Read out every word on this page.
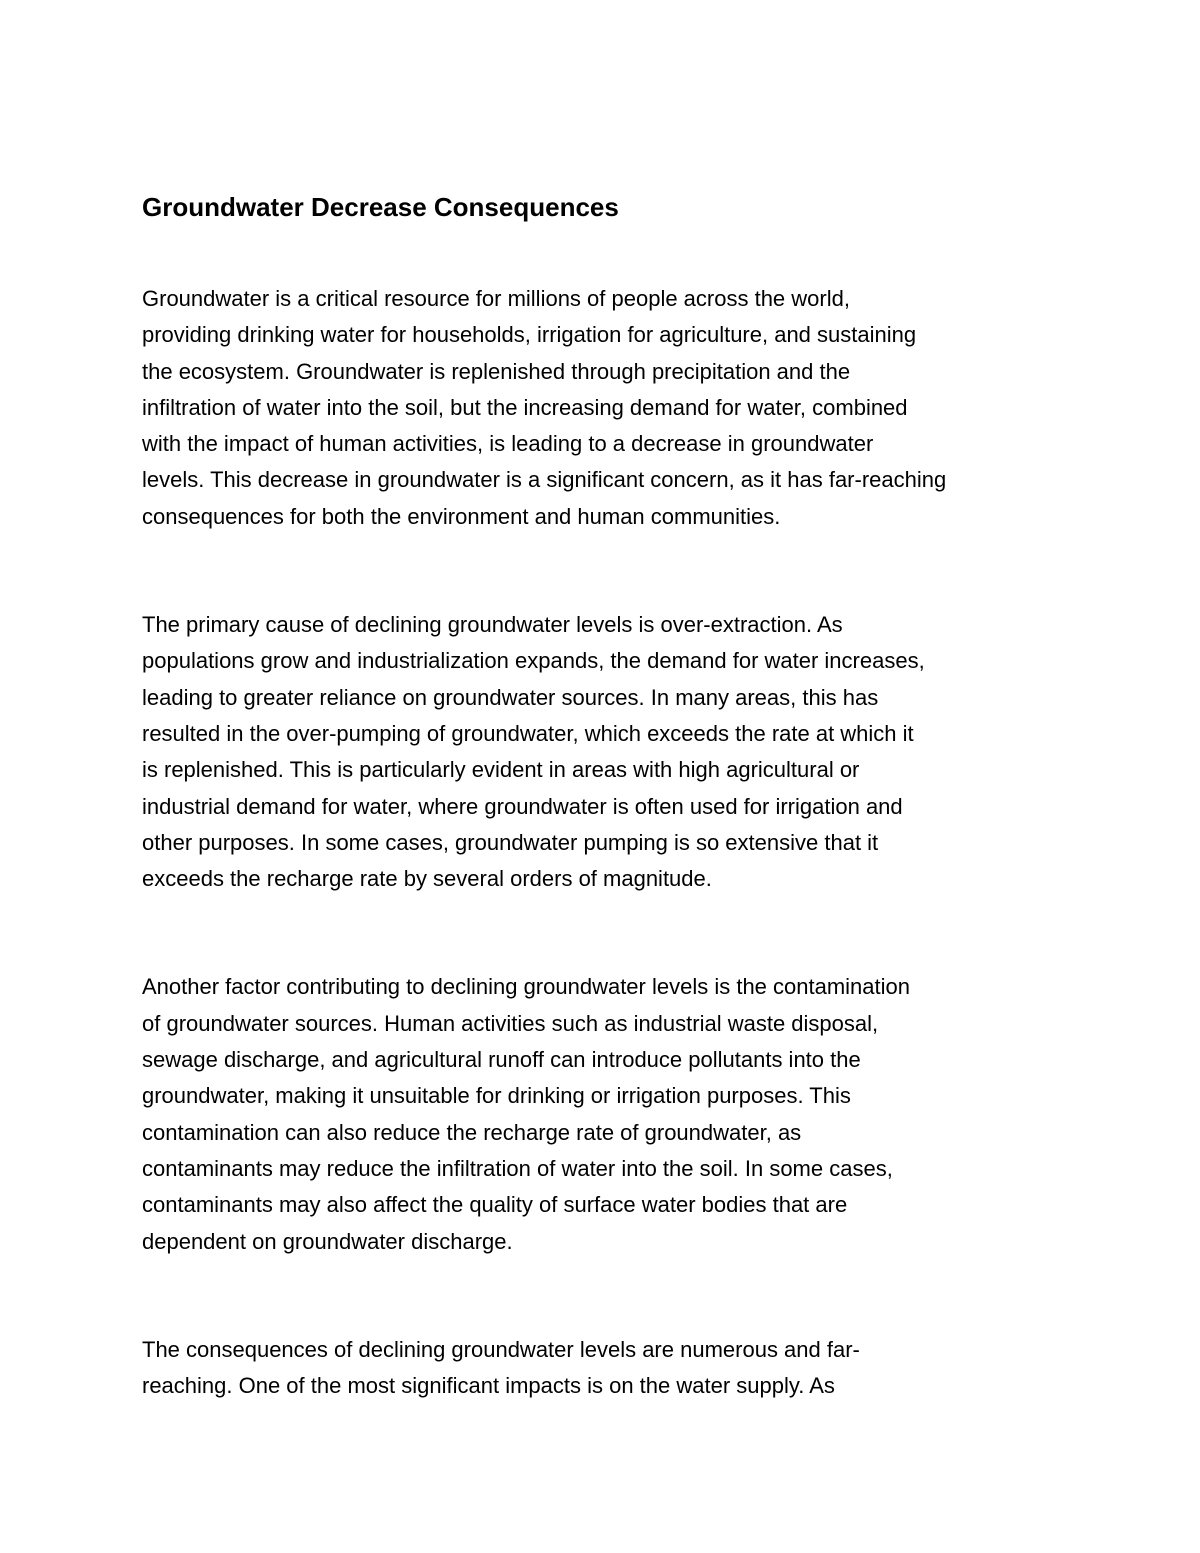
Groundwater Decrease Consequences

Groundwater is a critical resource for millions of people across the world,
providing drinking water for households, irrigation for agriculture, and sustaining
the ecosystem. Groundwater is replenished through precipitation and the
infiltration of water into the soil, but the increasing demand for water, combined
with the impact of human activities, is leading to a decrease in groundwater
levels. This decrease in groundwater is a significant concern, as it has far-reaching
consequences for both the environment and human communities.

The primary cause of declining groundwater levels is over-extraction. As
populations grow and industrialization expands, the demand for water increases,
leading to greater reliance on groundwater sources. In many areas, this has
resulted in the over-pumping of groundwater, which exceeds the rate at which it
is replenished. This is particularly evident in areas with high agricultural or
industrial demand for water, where groundwater is often used for irrigation and
other purposes. In some cases, groundwater pumping is so extensive that it
exceeds the recharge rate by several orders of magnitude.

Another factor contributing to declining groundwater levels is the contamination
of groundwater sources. Human activities such as industrial waste disposal,
sewage discharge, and agricultural runoff can introduce pollutants into the
groundwater, making it unsuitable for drinking or irrigation purposes. This
contamination can also reduce the recharge rate of groundwater, as
contaminants may reduce the infiltration of water into the soil. In some cases,
contaminants may also affect the quality of surface water bodies that are
dependent on groundwater discharge.

The consequences of declining groundwater levels are numerous and far-
reaching. One of the most significant impacts is on the water supply. As
